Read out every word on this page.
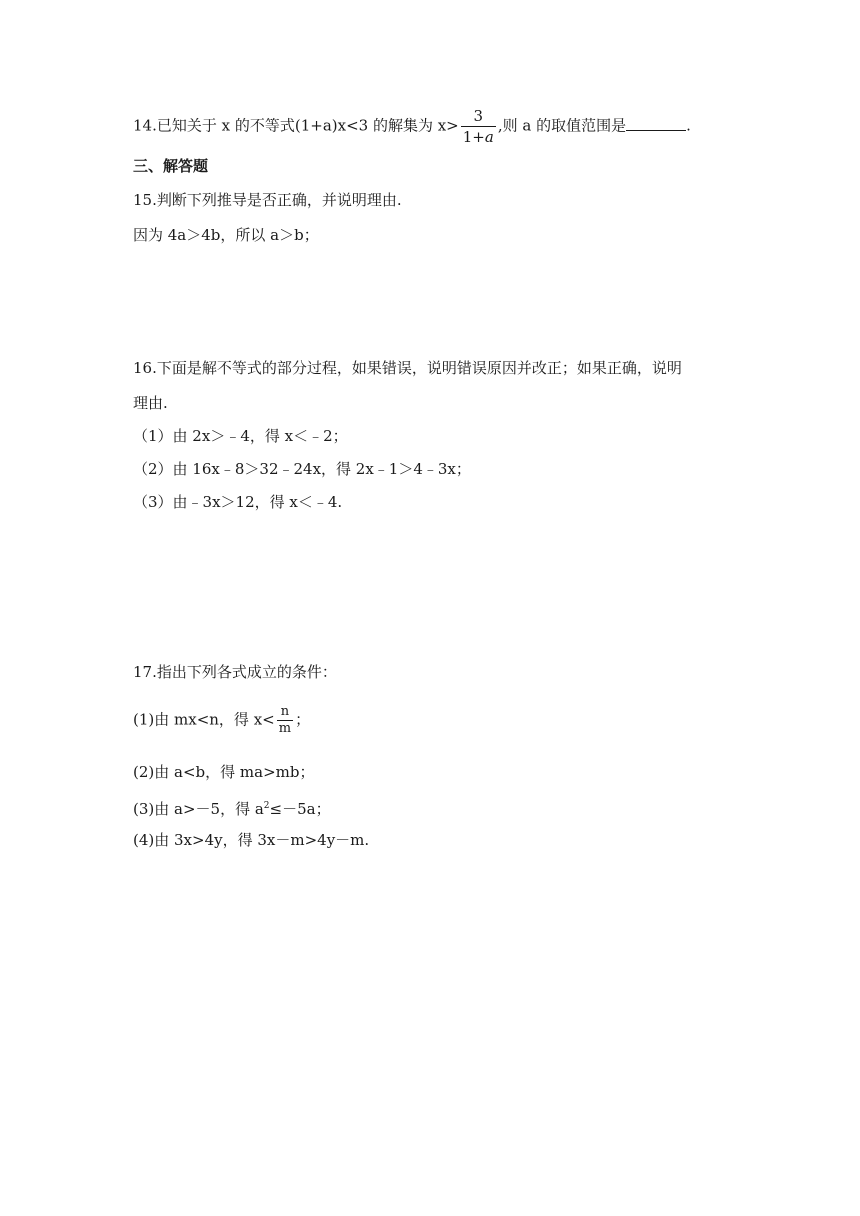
14.已知关于 x 的不等式(1+a)x<3 的解集为 $x> \frac{3}{1+a}$ ,则 a 的取值范围是	.
三、解答题
15.判断下列推导是否正确，并说明理由.
因为 4a＞4b，所以 a＞b；
16.下面是解不等式的部分过程，如果错误，说明错误原因并改正；如果正确，说明
理由.
（1）由 2x＞﹣4，得 x＜﹣2；
（2）由 16x﹣8＞32﹣24x，得 2x﹣1＞4﹣3x；
（3）由﹣3x＞12，得 x＜﹣4.
17.指出下列各式成立的条件：
(1)由 mx<n，得 $x< \frac{n}{m}$ ；
(2)由 a<b，得 ma>mb；
(3)由 a>－5，得 $a^2\le-5a$；
(4)由 3x>4y，得 3x－m>4y－m.
